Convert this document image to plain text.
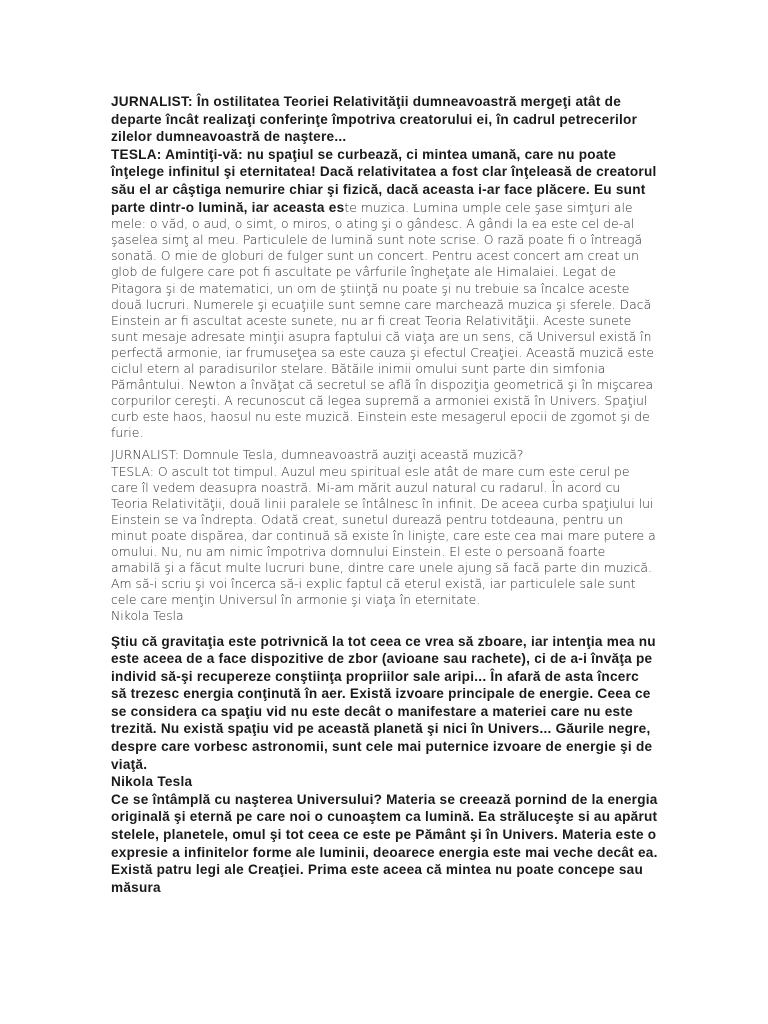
JURNALIST: În ostilitatea Teoriei Relativităţii dumneavoastră mergeţi atât de departe încât realizaţi conferinţe împotriva creatorului ei, în cadrul petrecerilor zilelor dumneavoastră de naştere...

TESLA: Amintiţi-vă: nu spaţiul se curbează, ci mintea umană, care nu poate înţelege infinitul şi eternitatea! Dacă relativitatea a fost clar înţeleasă de creatorul său el ar câştiga nemurire chiar şi fizică, dacă aceasta i-ar face plăcere. Eu sunt parte dintr-o lumină, iar aceasta este muzica. Lumina umple cele şase simţuri ale mele: o văd, o aud, o simt, o miros, o ating şi o gândesc. A gândi la ea este cel de-al şaselea simţ al meu. Particulele de lumină sunt note scrise. O rază poate fi o întreagă sonată. O mie de globuri de fulger sunt un concert. Pentru acest concert am creat un glob de fulgere care pot fi ascultate pe vârfurile îngheţate ale Himalaiei. Legat de Pitagora şi de matematici, un om de ştiinţă nu poate şi nu trebuie sa încalce aceste două lucruri. Numerele şi ecuaţiile sunt semne care marchează muzica şi sferele. Dacă Einstein ar fi ascultat aceste sunete, nu ar fi creat Teoria Relativităţii. Aceste sunete sunt mesaje adresate minţii asupra faptului că viaţa are un sens, că Universul există în perfectă armonie, iar frumuseţea sa este cauza şi efectul Creaţiei. Această muzică este ciclul etern al paradisurilor stelare. Bătăile inimii omului sunt parte din simfonia Pământului. Newton a învăţat că secretul se află în dispoziţia geometrică şi în mişcarea corpurilor cereşti. A recunoscut că legea supremă a armoniei există în Univers. Spaţiul curb este haos, haosul nu este muzică. Einstein este mesagerul epocii de zgomot şi de furie.

JURNALIST: Domnule Tesla, dumneavoastră auziţi această muzică?

TESLA: O ascult tot timpul. Auzul meu spiritual esle atât de mare cum este cerul pe care îl vedem deasupra noastră. Mi-am mărit auzul natural cu radarul. În acord cu Teoria Relativităţii, două linii paralele se întâlnesc în infinit. De aceea curba spaţiului lui Einstein se va îndrepta. Odată creat, sunetul durează pentru totdeauna, pentru un minut poate dispărea, dar continuă să existe în linişte, care este cea mai mare putere a omului. Nu, nu am nimic împotriva domnului Einstein. El este o persoană foarte amabilă şi a făcut multe lucruri bune, dintre care unele ajung să facă parte din muzică. Am să-i scriu şi voi încerca să-i explic faptul că eterul există, iar particulele sale sunt cele care menţin Universul în armonie şi viaţa în eternitate.

Nikola Tesla

Ştiu că gravitaţia este potrivnică la tot ceea ce vrea să zboare, iar intenţia mea nu este aceea de a face dispozitive de zbor (avioane sau rachete), ci de a-i învăţa pe individ să-şi recupereze conştiinţa propriilor sale aripi... În afară de asta încerc să trezesc energia conţinută în aer. Există izvoare principale de energie. Ceea ce se considera ca spaţiu vid nu este decât o manifestare a materiei care nu este trezită. Nu există spaţiu vid pe această planetă şi nici în Univers... Găurile negre, despre care vorbesc astronomii, sunt cele mai puternice izvoare de energie şi de viaţă.

Nikola Tesla

Ce se întâmplă cu naşterea Universului? Materia se creează pornind de la energia originală şi eternă pe care noi o cunoaştem ca lumină. Ea străluceşte si au apărut stelele, planetele, omul şi tot ceea ce este pe Pământ şi în Univers. Materia este o expresie a infinitelor forme ale luminii, deoarece energia este mai veche decât ea. Există patru legi ale Creaţiei. Prima este aceea că mintea nu poate concepe sau măsura
